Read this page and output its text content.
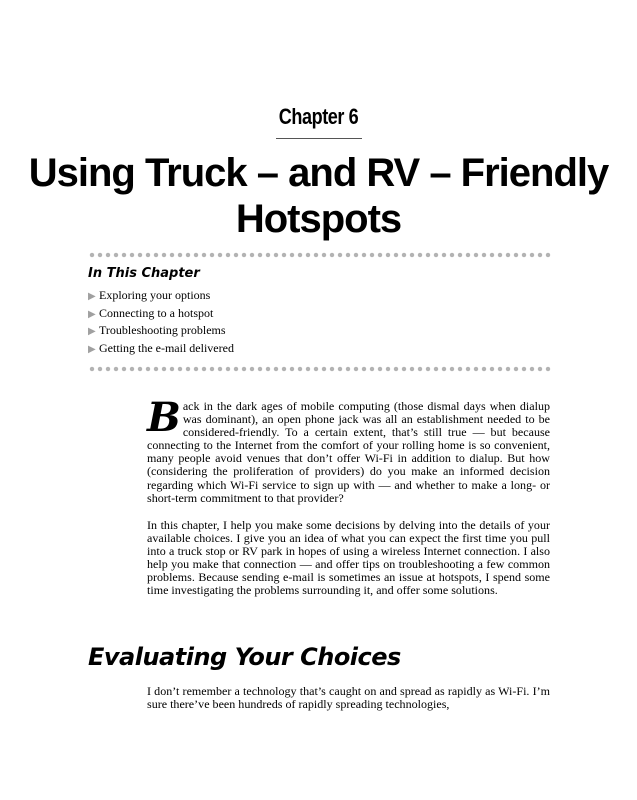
Chapter 6
Using Truck – and RV – Friendly
Hotspots
In This Chapter
▶ Exploring your options
▶ Connecting to a hotspot
▶ Troubleshooting problems
▶ Getting the e-mail delivered

Back in the dark ages of mobile computing (those dismal days when dialup was dominant), an open phone jack was all an establishment needed to be considered-friendly. To a certain extent, that’s still true — but because connecting to the Internet from the comfort of your rolling home is so convenient, many people avoid venues that don’t offer Wi-Fi in addition to dialup. But how (considering the proliferation of providers) do you make an informed decision regarding which Wi-Fi service to sign up with — and whether to make a long- or short-term commitment to that provider?

In this chapter, I help you make some decisions by delving into the details of your available choices. I give you an idea of what you can expect the first time you pull into a truck stop or RV park in hopes of using a wireless Internet connection. I also help you make that connection — and offer tips on troubleshooting a few common problems. Because sending e-mail is sometimes an issue at hotspots, I spend some time investigating the problems surrounding it, and offer some solutions.

Evaluating Your Choices

I don’t remember a technology that’s caught on and spread as rapidly as Wi-Fi. I’m sure there’ve been hundreds of rapidly spreading technologies,
